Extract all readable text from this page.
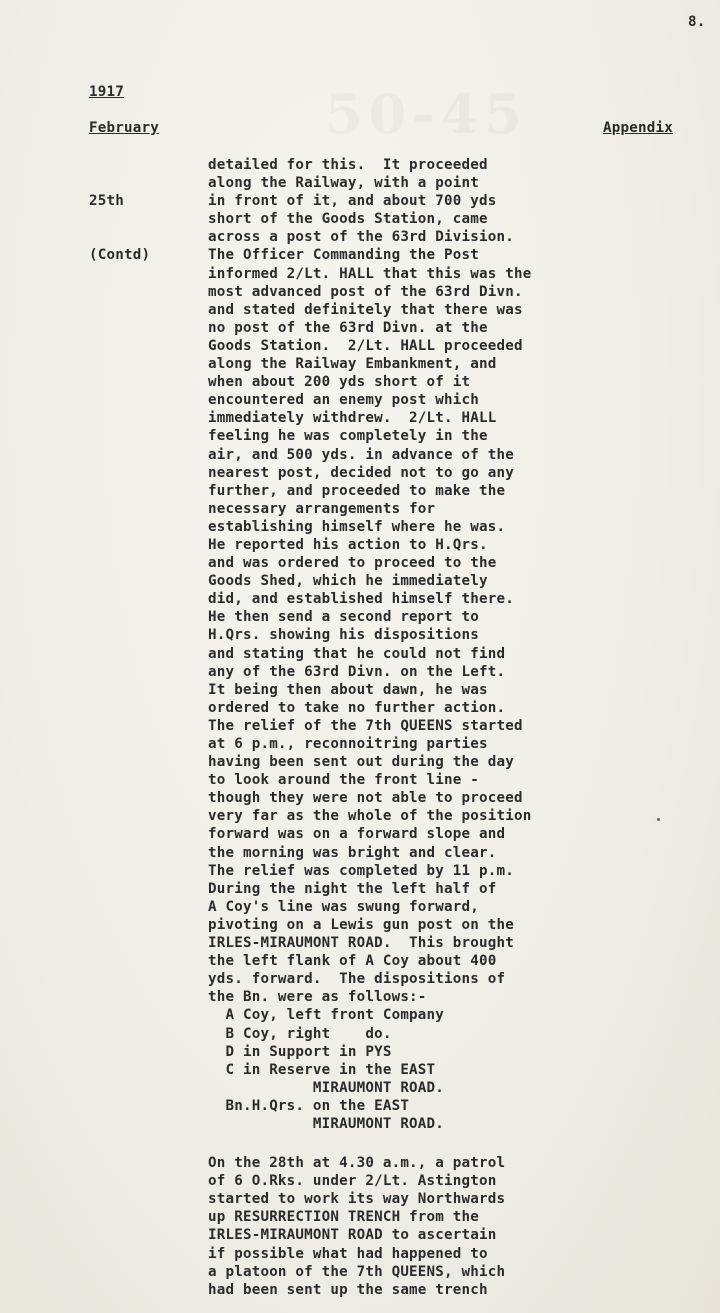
50-45
8.
1917
February	Appendix

25th

(Contd)

detailed for this.  It proceeded
along the Railway, with a point
in front of it, and about 700 yds
short of the Goods Station, came
across a post of the 63rd Division.
The Officer Commanding the Post
informed 2/Lt. HALL that this was the
most advanced post of the 63rd Divn.
and stated definitely that there was
no post of the 63rd Divn. at the
Goods Station.  2/Lt. HALL proceeded
along the Railway Embankment, and
when about 200 yds short of it
encountered an enemy post which
immediately withdrew.  2/Lt. HALL
feeling he was completely in the
air, and 500 yds. in advance of the
nearest post, decided not to go any
further, and proceeded to make the
necessary arrangements for
establishing himself where he was.
He reported his action to H.Qrs.
and was ordered to proceed to the
Goods Shed, which he immediately
did, and established himself there.
He then send a second report to
H.Qrs. showing his dispositions
and stating that he could not find
any of the 63rd Divn. on the Left.
It being then about dawn, he was
ordered to take no further action.
The relief of the 7th QUEENS started
at 6 p.m., reconnoitring parties
having been sent out during the day
to look around the front line -
though they were not able to proceed
very far as the whole of the position
forward was on a forward slope and
the morning was bright and clear.
The relief was completed by 11 p.m.
During the night the left half of
A Coy's line was swung forward,
pivoting on a Lewis gun post on the
IRLES-MIRAUMONT ROAD.  This brought
the left flank of A Coy about 400
yds. forward.  The dispositions of
the Bn. were as follows:-
A Coy, left front Company
B Coy, right    do.
D in Support in PYS
C in Reserve in the EAST
MIRAUMONT ROAD.
Bn.H.Qrs. on the EAST
MIRAUMONT ROAD.
On the 28th at 4.30 a.m., a patrol
of 6 O.Rks. under 2/Lt. Astington
started to work its way Northwards
up RESURRECTION TRENCH from the
IRLES-MIRAUMONT ROAD to ascertain
if possible what had happened to
a platoon of the 7th QUEENS, which
had been sent up the same trench
